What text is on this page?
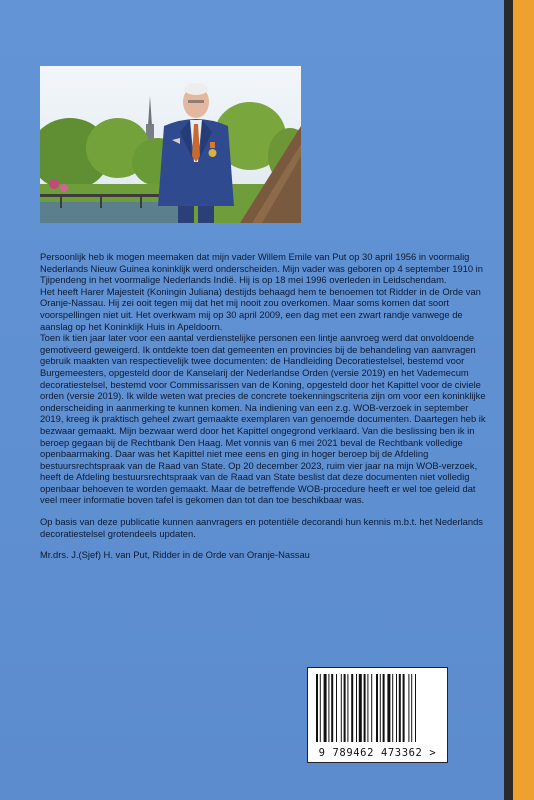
Persoonlijk heb ik mogen meemaken dat mijn vader Willem Emile van Put op 30 april 1956 in voormalig Nederlands Nieuw Guinea koninklijk werd onderscheiden. Mijn vader was geboren op 4 september 1910 in Tjipendeng in het voormalige Nederlands Indië. Hij is op 18 mei 1996 overleden in Leidschendam.

Het heeft Harer Majesteit (Koningin Juliana) destijds behaagd hem te benoemen tot Ridder in de Orde van Oranje-Nassau. Hij zei ooit tegen mij dat het mij nooit zou overkomen. Maar soms komen dat soort voorspellingen niet uit. Het overkwam mij op 30 april 2009, een dag met een zwart randje vanwege de aanslag op het Koninklijk Huis in Apeldoorn.

Toen ik tien jaar later voor een aantal verdienstelijke personen een lintje aanvroeg werd dat onvoldoende gemotiveerd geweigerd. Ik ontdekte toen dat gemeenten en provincies bij de behandeling van aanvragen gebruik maakten van respectievelijk twee documenten: de Handleiding Decoratiestelsel, bestemd voor Burgemeesters, opgesteld door de Kanselarij der Nederlandse Orden (versie 2019) en het Vademecum decoratiestelsel, bestemd voor Commissarissen van de Koning, opgesteld door het Kapittel voor de civiele orden (versie 2019). Ik wilde weten wat precies de concrete toekenningscriteria zijn om voor een koninklijke onderscheiding in aanmerking te kunnen komen. Na indiening van een z.g. WOB-verzoek in september 2019, kreeg ik praktisch geheel zwart gemaakte exemplaren van genoemde documenten. Daartegen heb ik bezwaar gemaakt. Mijn bezwaar werd door het Kapittel ongegrond verklaard. Van die beslissing ben ik in beroep gegaan bij de Rechtbank Den Haag. Met vonnis van 6 mei 2021 beval de Rechtbank volledige openbaarmaking. Daar was het Kapittel niet mee eens en ging in hoger beroep bij de Afdeling bestuursrechtspraak van de Raad van State. Op 20 december 2023, ruim vier jaar na mijn WOB-verzoek, heeft de Afdeling bestuursrechtspraak van de Raad van State beslist dat deze documenten niet volledig openbaar behoeven te worden gemaakt. Maar de betreffende WOB-procedure heeft er wel toe geleid dat veel meer informatie boven tafel is gekomen dan tot dan toe beschikbaar was.

Op basis van deze publicatie kunnen aanvragers en potentiële decorandi hun kennis m.b.t. het Nederlands decoratiestelsel grotendeels updaten.

Mr.drs. J.(Sjef) H. van Put, Ridder in de Orde van Oranje-Nassau

9 789462 473362 >
